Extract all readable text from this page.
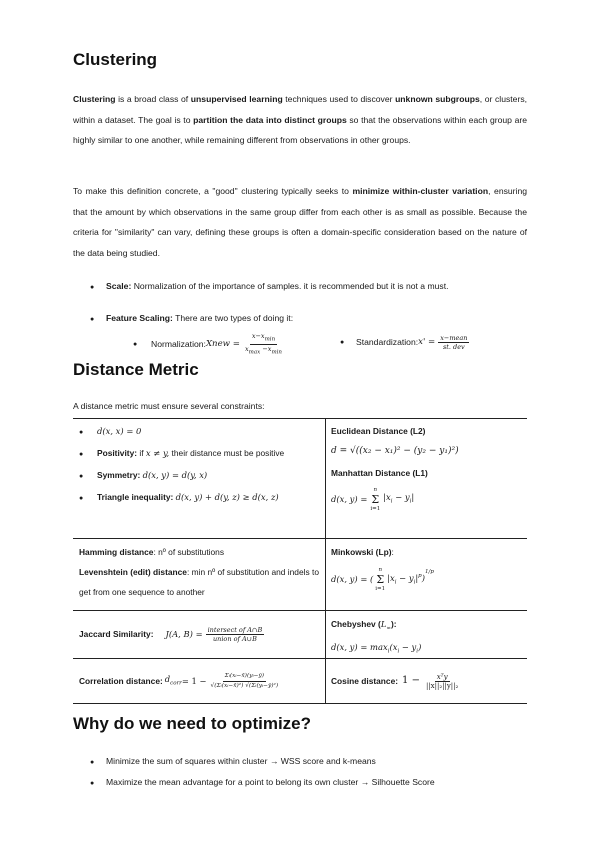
Clustering

Clustering is a broad class of unsupervised learning techniques used to discover unknown subgroups, or clusters, within a dataset. The goal is to partition the data into distinct groups so that the observations within each group are highly similar to one another, while remaining different from observations in other groups.

To make this definition concrete, a "good" clustering typically seeks to minimize within-cluster variation, ensuring that the amount by which observations in the same group differ from each other is as small as possible. Because the criteria for "similarity" can vary, defining these groups is often a domain-specific consideration based on the nature of the data being studied.

●Scale: Normalization of the importance of samples. it is recommended but it is not a must.
●Feature Scaling: There are two types of doing it:
●
Normalization: Xnew = $\frac{x-x_{min}}{x_{max} -x_{min}}$
●	Standardization: $x' = \frac{\text{x−mean}}{\text{st. dev}}$
Distance Metric
A distance metric must ensure several constraints:
●d(x, x) = 0
●Positivity: if x ≠ y, their distance must be positive
●Symmetry: d(x, y) = d(y, x)
●Triangle inequality: d(x, y) + d(y, z) ≥ d(x, z)
Euclidean Distance (L2)
d = √((x₂ − x₁)² − (y₂ − y₁)²)
Manhattan Distance (L1)
d(x, y) =
n
Σ
i=1
$|x_i - y_i|$
Hamming distance: nº of substitutions
Levenshtein (edit) distance: min nº of substitution and indels to get from one sequence to another
Minkowski (Lp):
d(x, y) = (
n
Σ
i=1
$|x_i - y_i|^p)^{1/p}$
Jaccard Similarity: J(A, $B) = \frac{\text{intersect of A∩B}}{\text{union of A∪B}}$
Chebyshev $(L_\infty)$:
d(x, $y) = \max_i(x_i - y_i)$
Correlation distance: $d_{corr} = 1 - \frac{\text{Σᵢ(xᵢ−x̄)(yᵢ−ȳ)}}{\text{√(Σᵢ(xᵢ−x̄)²) √(Σᵢ(yᵢ−ȳ)²)}}$	Cosine distance: $1 - \frac{\text{xᵀy}}{\text{||x||₂||y||₂}}$
Why do we need to optimize?
●Minimize the sum of squares within cluster → WSS score and k-means
●Maximize the mean advantage for a point to belong its own cluster → Silhouette Score
